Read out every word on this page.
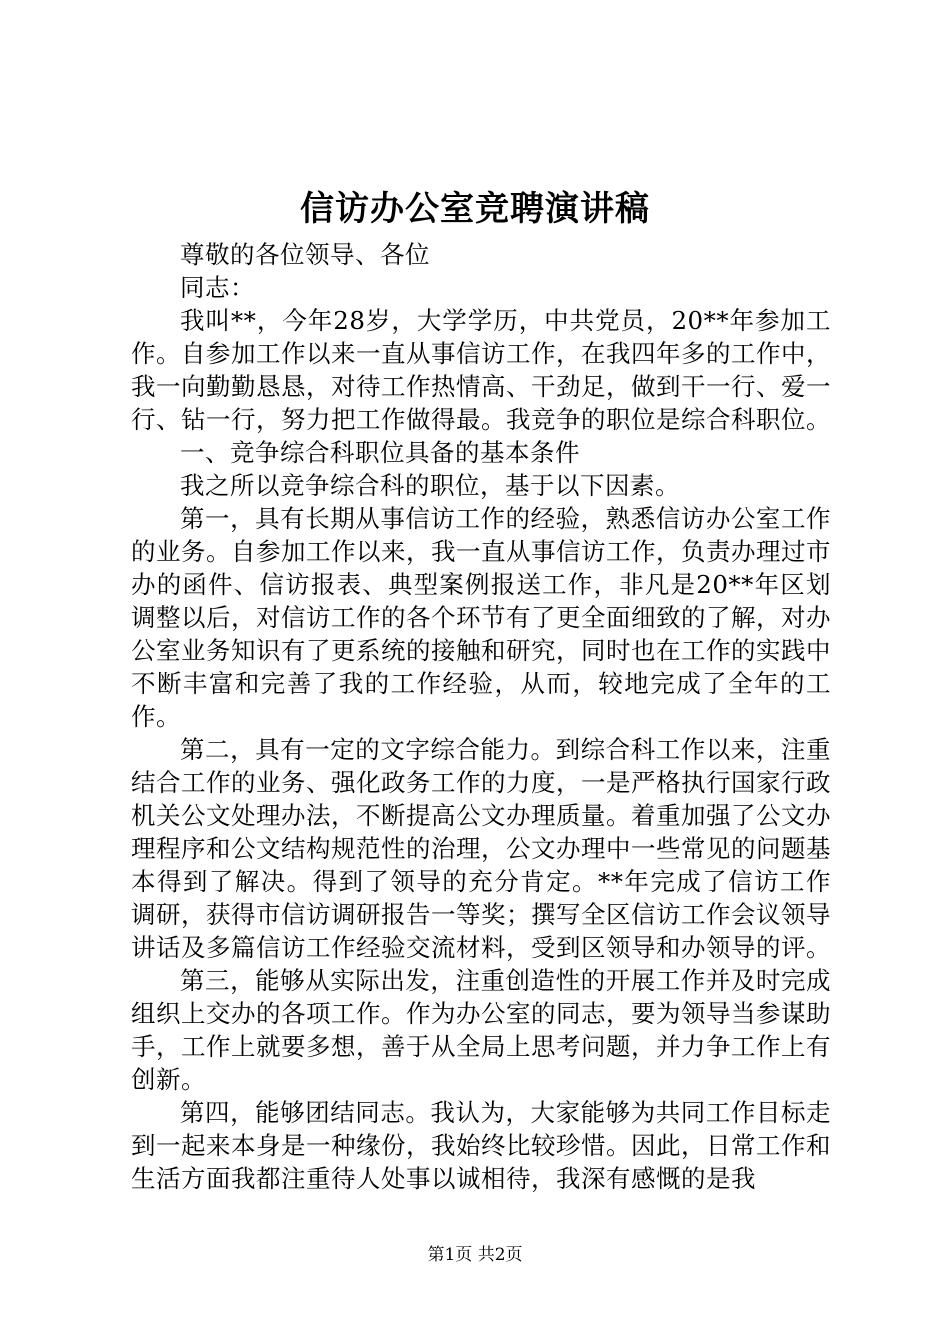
信访办公室竞聘演讲稿

尊敬的各位领导、各位

同志：

我叫**，今年28岁，大学学历，中共党员，20**年参加工作。自参加工作以来一直从事信访工作，在我四年多的工作中，我一向勤勤恳恳，对待工作热情高、干劲足，做到干一行、爱一行、钻一行，努力把工作做得最。我竞争的职位是综合科职位。

一、竞争综合科职位具备的基本条件

我之所以竞争综合科的职位，基于以下因素。

第一，具有长期从事信访工作的经验，熟悉信访办公室工作的业务。自参加工作以来，我一直从事信访工作，负责办理过市办的函件、信访报表、典型案例报送工作，非凡是20**年区划调整以后，对信访工作的各个环节有了更全面细致的了解，对办公室业务知识有了更系统的接触和研究，同时也在工作的实践中不断丰富和完善了我的工作经验，从而，较地完成了全年的工作。

第二，具有一定的文字综合能力。到综合科工作以来，注重结合工作的业务、强化政务工作的力度，一是严格执行国家行政机关公文处理办法，不断提高公文办理质量。着重加强了公文办理程序和公文结构规范性的治理，公文办理中一些常见的问题基本得到了解决。得到了领导的充分肯定。**年完成了信访工作调研，获得市信访调研报告一等奖；撰写全区信访工作会议领导讲话及多篇信访工作经验交流材料，受到区领导和办领导的评。

第三，能够从实际出发，注重创造性的开展工作并及时完成组织上交办的各项工作。作为办公室的同志，要为领导当参谋助手，工作上就要多想，善于从全局上思考问题，并力争工作上有创新。

第四，能够团结同志。我认为，大家能够为共同工作目标走到一起来本身是一种缘份，我始终比较珍惜。因此，日常工作和生活方面我都注重待人处事以诚相待，我深有感慨的是我

第1页 共2页
